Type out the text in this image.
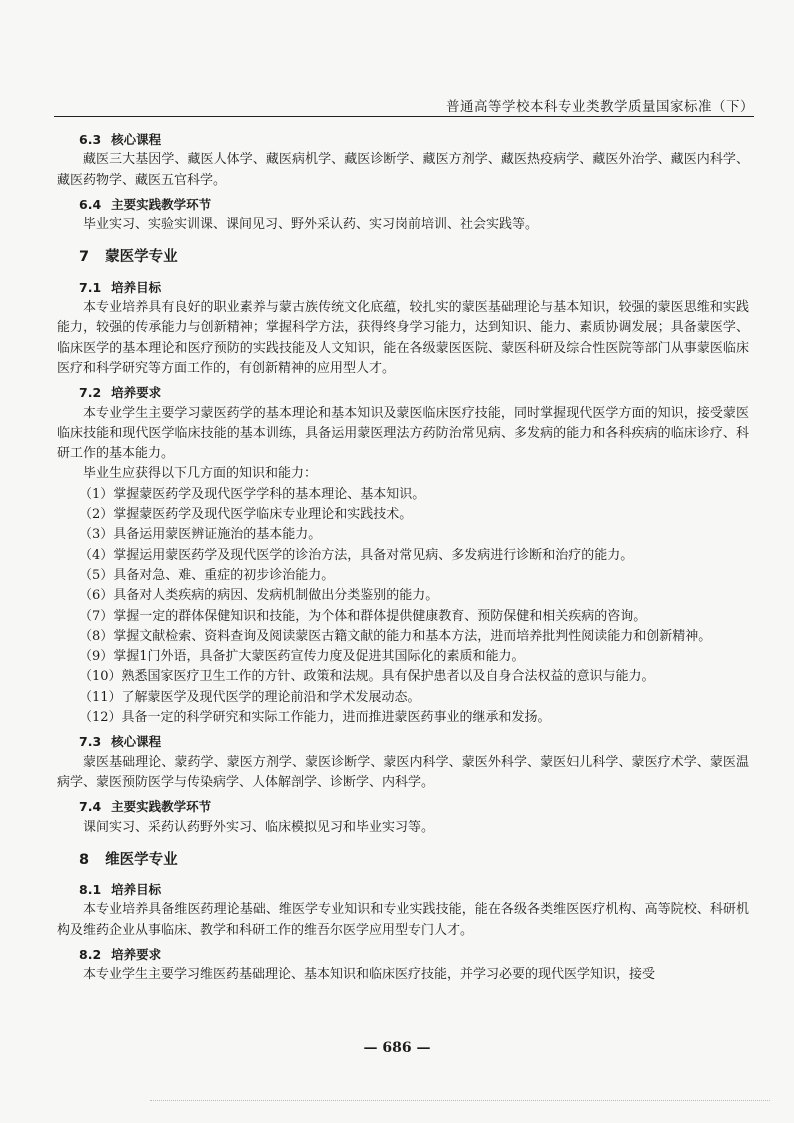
普通高等学校本科专业类教学质量国家标准（下）
6.3 核心课程

藏医三大基因学、藏医人体学、藏医病机学、藏医诊断学、藏医方剂学、藏医热疫病学、藏医外治学、藏医内科学、藏医药物学、藏医五官科学。

6.4 主要实践教学环节

毕业实习、实验实训课、课间见习、野外采认药、实习岗前培训、社会实践等。

7 蒙医学专业
7.1 培养目标

本专业培养具有良好的职业素养与蒙古族传统文化底蕴，较扎实的蒙医基础理论与基本知识，较强的蒙医思维和实践能力，较强的传承能力与创新精神；掌握科学方法，获得终身学习能力，达到知识、能力、素质协调发展；具备蒙医学、临床医学的基本理论和医疗预防的实践技能及人文知识，能在各级蒙医医院、蒙医科研及综合性医院等部门从事蒙医临床医疗和科学研究等方面工作的，有创新精神的应用型人才。

7.2 培养要求

本专业学生主要学习蒙医药学的基本理论和基本知识及蒙医临床医疗技能，同时掌握现代医学方面的知识，接受蒙医临床技能和现代医学临床技能的基本训练，具备运用蒙医理法方药防治常见病、多发病的能力和各科疾病的临床诊疗、科研工作的基本能力。

毕业生应获得以下几方面的知识和能力：

（1）掌握蒙医药学及现代医学学科的基本理论、基本知识。

（2）掌握蒙医药学及现代医学临床专业理论和实践技术。

（3）具备运用蒙医辨证施治的基本能力。

（4）掌握运用蒙医药学及现代医学的诊治方法，具备对常见病、多发病进行诊断和治疗的能力。

（5）具备对急、难、重症的初步诊治能力。

（6）具备对人类疾病的病因、发病机制做出分类鉴别的能力。

（7）掌握一定的群体保健知识和技能，为个体和群体提供健康教育、预防保健和相关疾病的咨询。

（8）掌握文献检索、资料查询及阅读蒙医古籍文献的能力和基本方法，进而培养批判性阅读能力和创新精神。

（9）掌握1门外语，具备扩大蒙医药宣传力度及促进其国际化的素质和能力。

（10）熟悉国家医疗卫生工作的方针、政策和法规。具有保护患者以及自身合法权益的意识与能力。

（11）了解蒙医学及现代医学的理论前沿和学术发展动态。

（12）具备一定的科学研究和实际工作能力，进而推进蒙医药事业的继承和发扬。

7.3 核心课程

蒙医基础理论、蒙药学、蒙医方剂学、蒙医诊断学、蒙医内科学、蒙医外科学、蒙医妇儿科学、蒙医疗术学、蒙医温病学、蒙医预防医学与传染病学、人体解剖学、诊断学、内科学。

7.4 主要实践教学环节

课间实习、采药认药野外实习、临床模拟见习和毕业实习等。

8 维医学专业
8.1 培养目标

本专业培养具备维医药理论基础、维医学专业知识和专业实践技能，能在各级各类维医医疗机构、高等院校、科研机构及维药企业从事临床、教学和科研工作的维吾尔医学应用型专门人才。

8.2 培养要求

本专业学生主要学习维医药基础理论、基本知识和临床医疗技能，并学习必要的现代医学知识，接受

— 686 —
